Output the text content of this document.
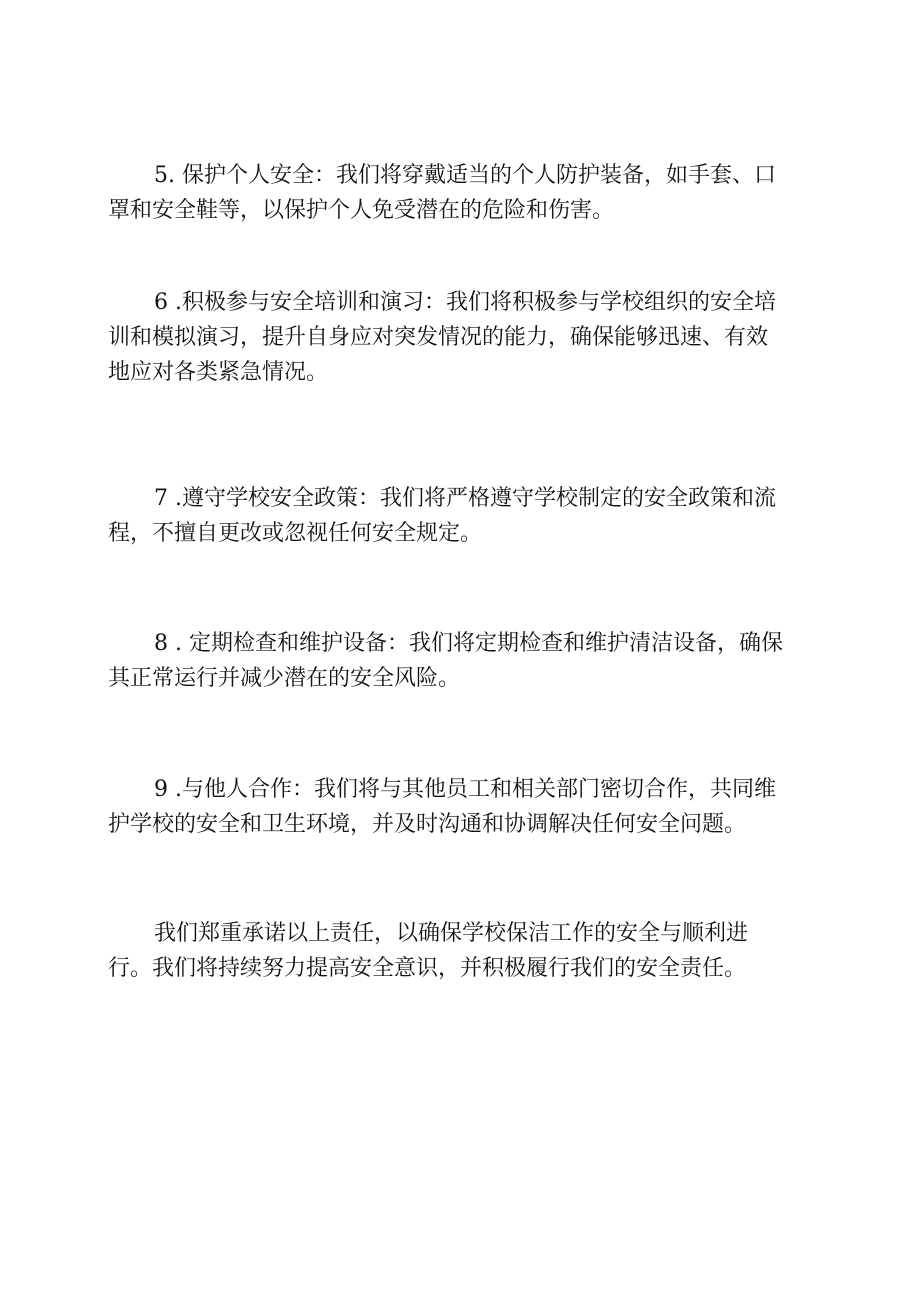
5. 保护个人安全：我们将穿戴适当的个人防护装备，如手套、口
罩和安全鞋等，以保护个人免受潜在的危险和伤害。
6 .积极参与安全培训和演习：我们将积极参与学校组织的安全培
训和模拟演习，提升自身应对突发情况的能力，确保能够迅速、有效
地应对各类紧急情况。
7 .遵守学校安全政策：我们将严格遵守学校制定的安全政策和流
程，不擅自更改或忽视任何安全规定。
8 . 定期检查和维护设备：我们将定期检查和维护清洁设备，确保
其正常运行并减少潜在的安全风险。
9 .与他人合作：我们将与其他员工和相关部门密切合作，共同维
护学校的安全和卫生环境，并及时沟通和协调解决任何安全问题。
我们郑重承诺以上责任，以确保学校保洁工作的安全与顺利进
行。我们将持续努力提高安全意识，并积极履行我们的安全责任。
